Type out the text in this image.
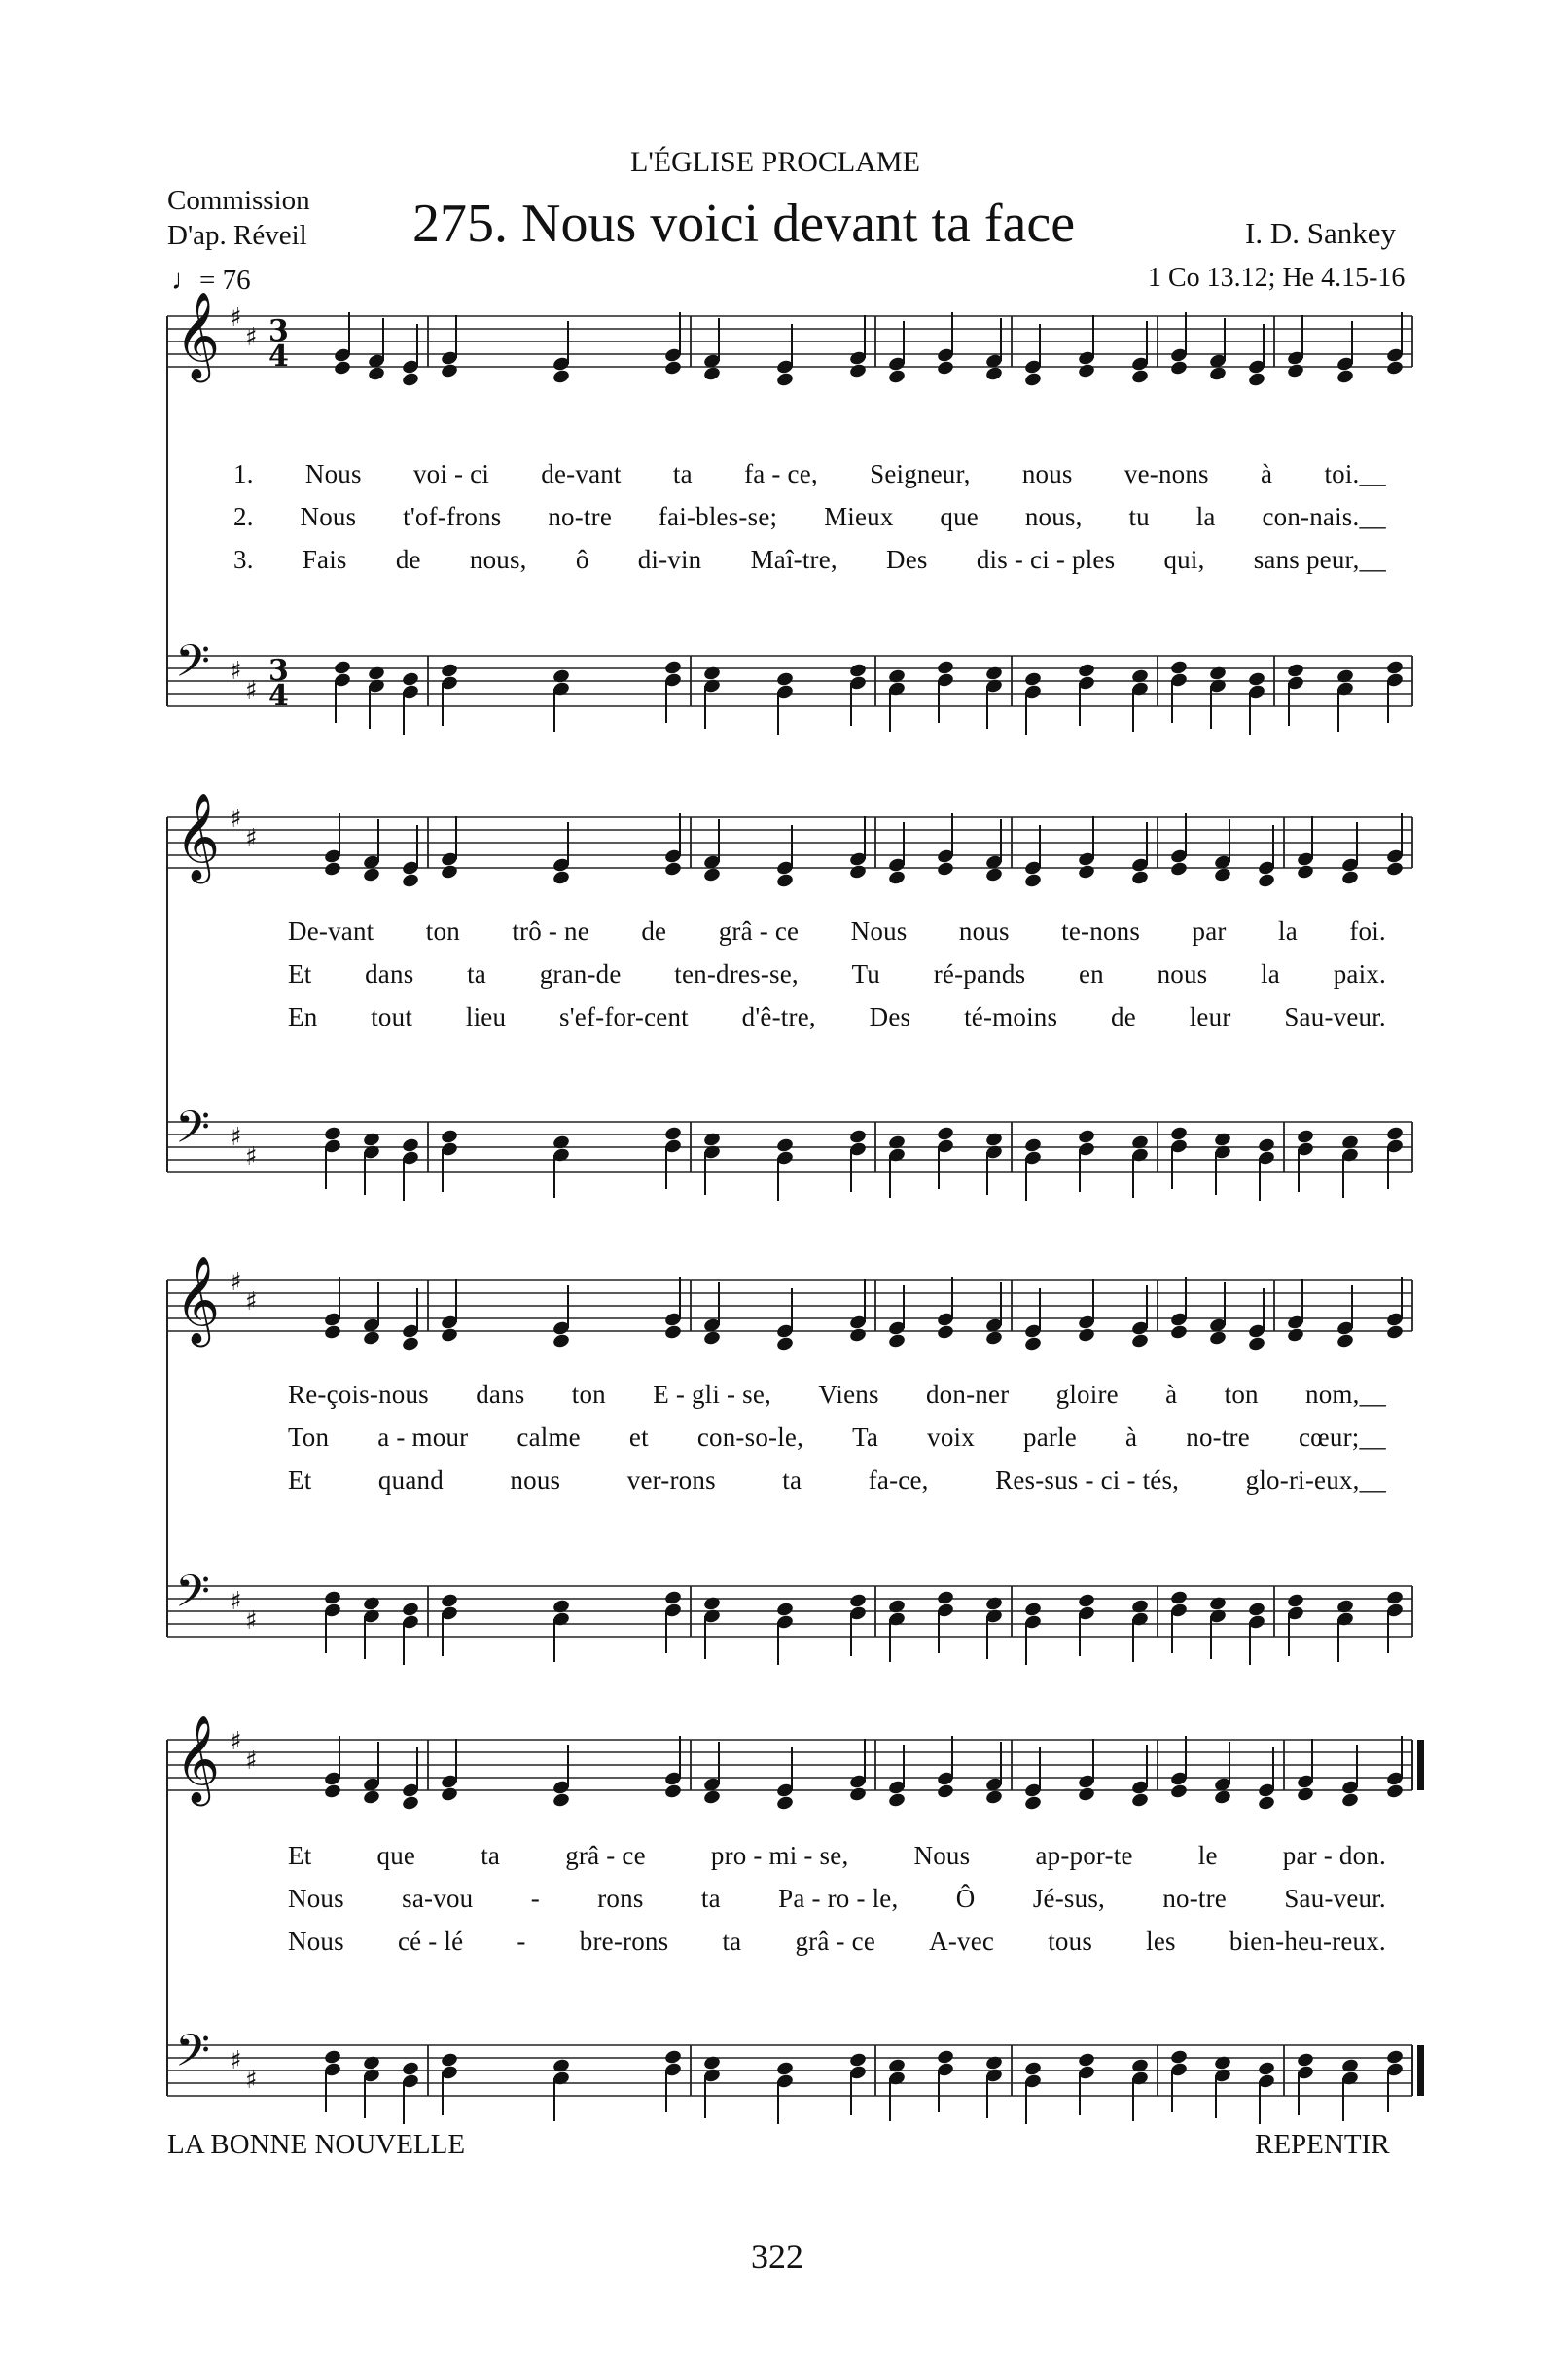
L'ÉGLISE PROCLAME
Commission
D'ap. Réveil
♩= 76
275. Nous voici devant ta face	I. D. Sankey
1 Co 13.12; He 4.15-16
𝄞 ♯
♯ 3
4
𝄢 ♯
♯
3
4
𝄞 ♯
♯
𝄢 ♯
♯
𝄞 ♯
♯
𝄢 ♯
♯
𝄞 ♯
♯
𝄢 ♯
♯
1. Nous voi - ci de-vant ta fa - ce, Seigneur, nous ve-nons à toi.__
2. Nous t'of-frons no-tre fai-bles-se; Mieux que nous, tu la con-nais.__
3. Fais de nous, ô di-vin Maî-tre, Des dis - ci - ples qui, sans peur,__
De-vant ton trô - ne de grâ - ce Nous nous te-nons par la foi.
Et dans ta gran-de ten-dres-se, Tu ré-pands en nous la paix.
En tout lieu s'ef-for-cent d'ê-tre, Des té-moins de leur Sau-veur.
Re-çois-nous dans ton E - gli - se, Viens don-ner gloire à ton nom,__
Ton a - mour calme et con-so-le, Ta voix parle à no-tre cœur;__
Et	quand	nous	ver-rons	ta	fa-ce,	Res-sus - ci - tés,	glo-ri-eux,__
Et que ta grâ - ce pro - mi - se, Nous ap-por-te le par - don.
Nous sa-vou - rons ta Pa - ro - le, Ô Jé-sus, no-tre Sau-veur.
Nous cé - lé - bre-rons ta grâ - ce A-vec tous les bien-heu-reux.
LA BONNE NOUVELLE	REPENTIR
322
